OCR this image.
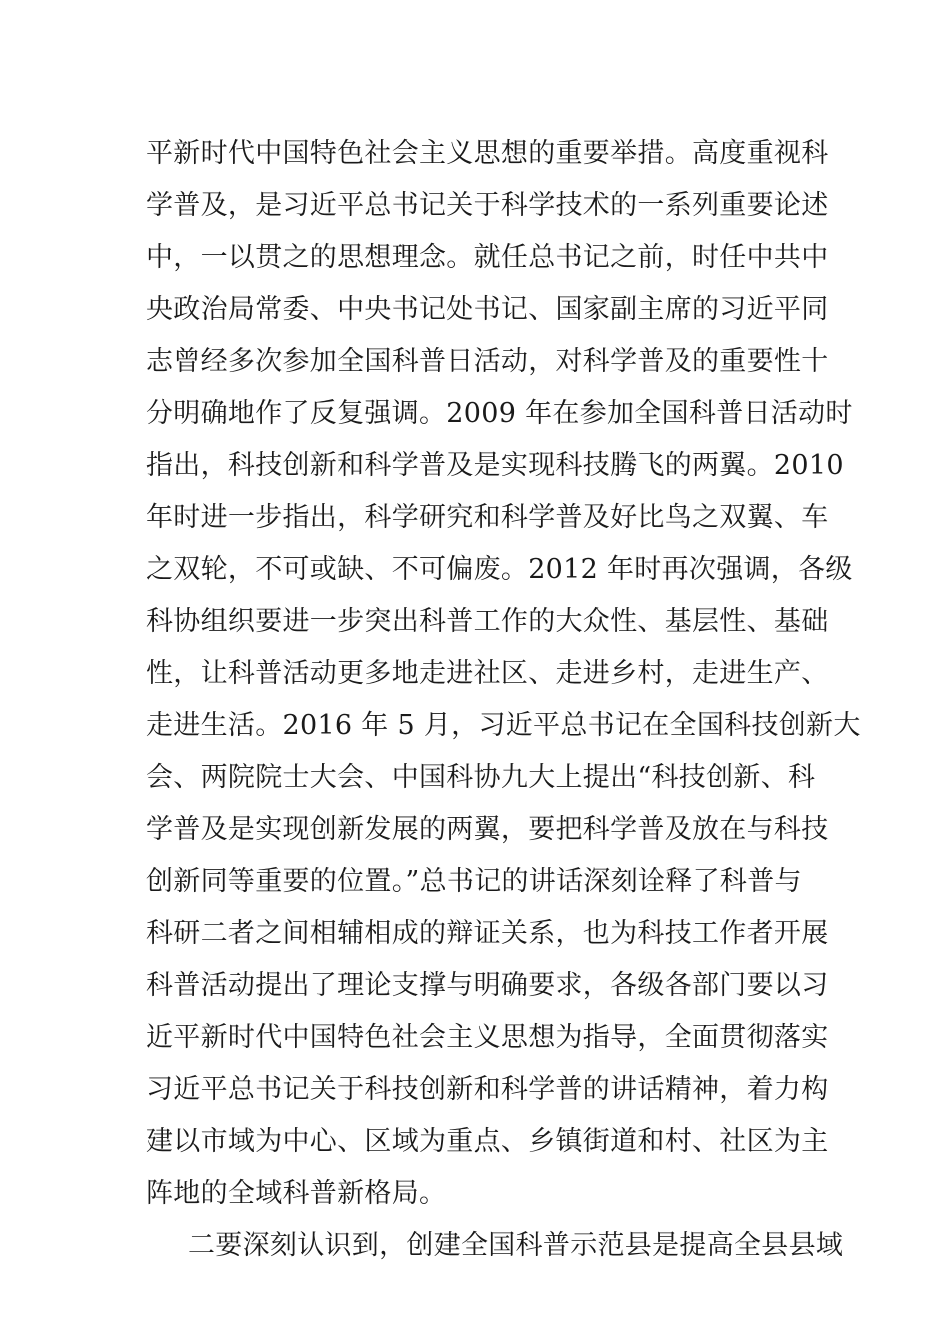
平新时代中国特色社会主义思想的重要举措。高度重视科
学普及，是习近平总书记关于科学技术的一系列重要论述
中，一以贯之的思想理念。就任总书记之前，时任中共中
央政治局常委、中央书记处书记、国家副主席的习近平同
志曾经多次参加全国科普日活动，对科学普及的重要性十
分明确地作了反复强调。2009 年在参加全国科普日活动时
指出，科技创新和科学普及是实现科技腾飞的两翼。2010
年时进一步指出，科学研究和科学普及好比鸟之双翼、车
之双轮，不可或缺、不可偏废。2012 年时再次强调，各级
科协组织要进一步突出科普工作的大众性、基层性、基础
性，让科普活动更多地走进社区、走进乡村，走进生产、
走进生活。2016 年 5 月，习近平总书记在全国科技创新大
会、两院院士大会、中国科协九大上提出“科技创新、科
学普及是实现创新发展的两翼，要把科学普及放在与科技
创新同等重要的位置。”总书记的讲话深刻诠释了科普与
科研二者之间相辅相成的辩证关系，也为科技工作者开展
科普活动提出了理论支撑与明确要求，各级各部门要以习
近平新时代中国特色社会主义思想为指导，全面贯彻落实
习近平总书记关于科技创新和科学普的讲话精神，着力构
建以市域为中心、区域为重点、乡镇街道和村、社区为主
阵地的全域科普新格局。
二要深刻认识到，创建全国科普示范县是提高全县县域
